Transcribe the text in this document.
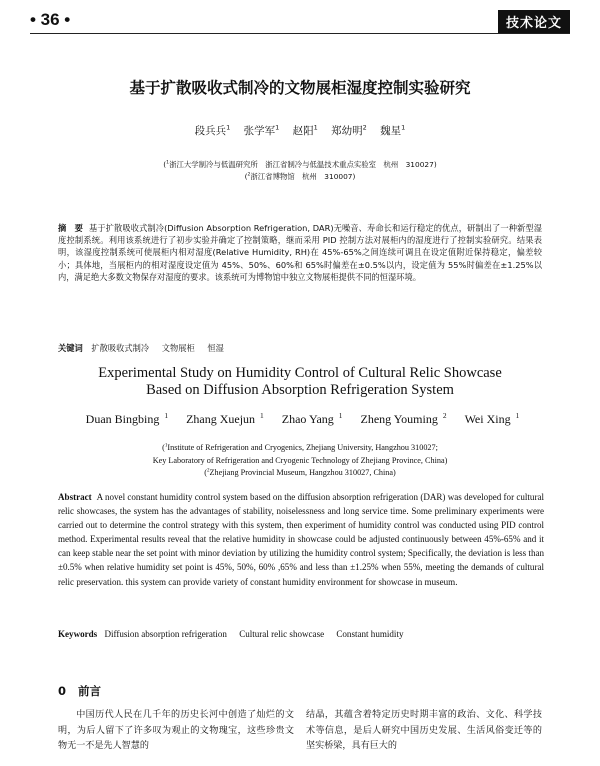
• 36 •	技术论文
基于扩散吸收式制冷的文物展柜湿度控制实验研究
段兵兵$^1$ 张学军$^1$ 赵阳$^1$ 郑幼明$^2$ 魏星$^1$
($^1$浙江大学制冷与低温研究所　浙江省制冷与低温技术重点实验室　杭州　310027)
($^2$浙江省博物馆　杭州　310007)
摘　要 基于扩散吸收式制冷(Diffusion Absorption Refrigeration, DAR)无噪音、寿命长和运行稳定的优点，研制出了一种新型湿度控制系统。利用该系统进行了初步实验并确定了控制策略，继而采用 PID 控制方法对展柜内的湿度进行了控制实验研究。结果表明，该湿度控制系统可使展柜内相对湿度(Relative Humidity, RH)在 45%-65%之间连续可调且在设定值附近保持稳定，偏差较小；具体地，当展柜内的相对湿度设定值为 45%、50%、60%和 65%时偏差在±0.5%以内，设定值为 55%时偏差在±1.25%以内，满足绝大多数文物保存对湿度的要求。该系统可为博物馆中独立文物展柜提供不同的恒湿环境。
关键词 扩散吸收式制冷 文物展柜 恒湿
Experimental Study on Humidity Control of Cultural Relic Showcase
Based on Diffusion Absorption Refrigeration System
Duan Bingbing $^1$ Zhang Xuejun $^1$ Zhao Yang $^1$ Zheng Youming $^2$ Wei Xing $^1$
($^1$Institute of Refrigeration and Cryogenics, Zhejiang University, Hangzhou 310027;
Key Laboratory of Refrigeration and Cryogenic Technology of Zhejiang Province, China)
($^2$Zhejiang Provincial Museum, Hangzhou 310027, China)
Abstract A novel constant humidity control system based on the diffusion absorption refrigeration (DAR) was developed for cultural relic showcases, the system has the advantages of stability, noiselessness and long service time. Some preliminary experiments were carried out to determine the control strategy with this system, then experiment of humidity control was conducted using PID control method. Experimental results reveal that the relative humidity in showcase could be adjusted continuously between 45%-65% and it can keep stable near the set point with minor deviation by utilizing the humidity control system; Specifically, the deviation is less than ±0.5% when relative humidity set point is 45%, 50%, 60% ,65% and less than ±1.25% when 55%, meeting the demands of cultural relic preservation. this system can provide variety of constant humidity environment for showcase in museum.
Keywords Diffusion absorption refrigeration Cultural relic showcase Constant humidity
0 前言
中国历代人民在几千年的历史长河中创造了灿烂的文明，为后人留下了许多叹为观止的文物瑰宝，这些珍贵文物无一不是先人智慧的
结晶，其蕴含着特定历史时期丰富的政治、文化、科学技术等信息，是后人研究中国历史发展、生活风俗变迁等的坚实桥梁，具有巨大的
